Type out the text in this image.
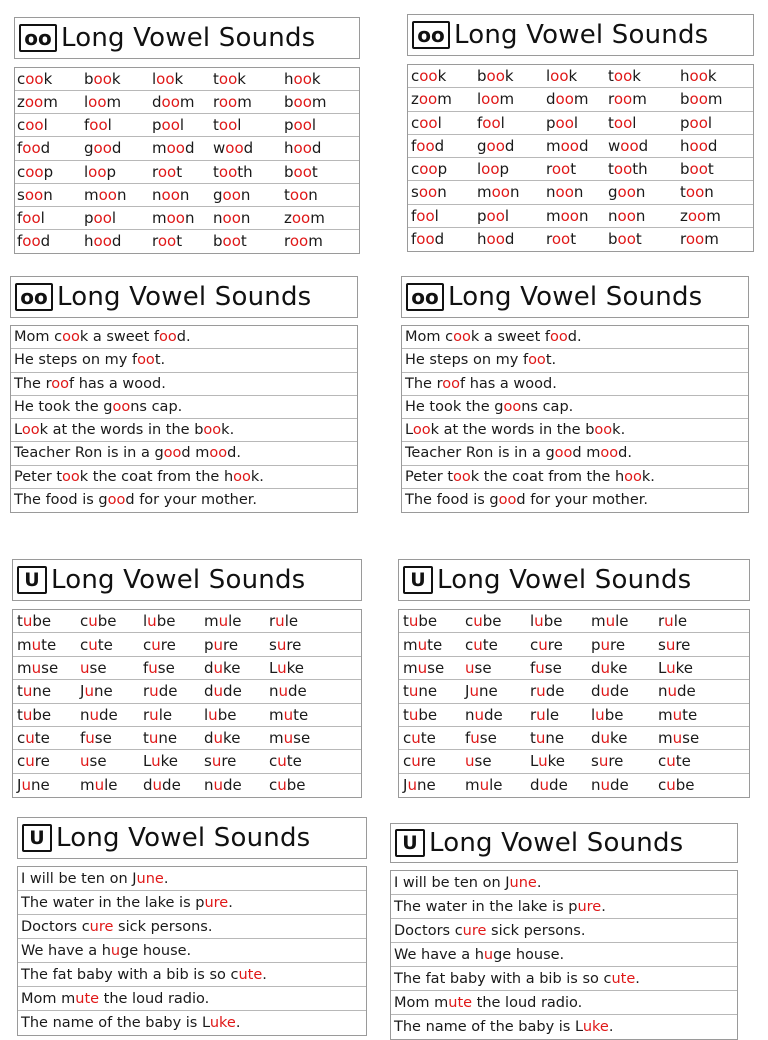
oo Long Vowel Sounds
cook book look took	hook
zoom loom doom room boom
cool fool	pool tool	pool
food good mood wood hood
coop loop root tooth boot
soon moon noon goon toon
fool	pool moon noon zoom
food hood root boot room
oo Long Vowel Sounds
cook book look took	hook
zoom loom doom room boom
cool fool	pool tool	pool
food good mood wood hood
coop loop root tooth boot
soon moon noon goon toon
fool	pool moon noon zoom
food hood root boot	room
oo Long Vowel Sounds
Mom cook a sweet food.
He steps on my foot.
The roof has a wood.
He took the goons cap.
Look at the words in the book.
Teacher Ron is in a good mood.
Peter took the coat from the hook.
The food is good for your mother.
oo Long Vowel Sounds
Mom cook a sweet food.
He steps on my foot.
The roof has a wood.
He took the goons cap.
Look at the words in the book.
Teacher Ron is in a good mood.
Peter took the coat from the hook.
The food is good for your mother.
U Long Vowel Sounds
tube cube lube mule rule
mute cute cure pure sure
muse use fuse duke Luke
tune June rude dude nude
tube nude rule lube mute
cute fuse tune duke muse
cure use Luke sure cute
June mule dude nude cube
U Long Vowel Sounds
tube cube lube mule rule
mute cute cure pure sure
muse use	fuse duke Luke
tune June rude dude nude
tube nude rule lube mute
cute fuse tune duke muse
cure use	Luke sure cute
June mule dude nude cube
U Long Vowel Sounds
I will be ten on June.
The water in the lake is pure.
Doctors cure sick persons.
We have a huge house.
The fat baby with a bib is so cute.
Mom mute the loud radio.
The name of the baby is Luke.
U Long Vowel Sounds
I will be ten on June.
The water in the lake is pure.
Doctors cure sick persons.
We have a huge house.
The fat baby with a bib is so cute.
Mom mute the loud radio.
The name of the baby is Luke.
